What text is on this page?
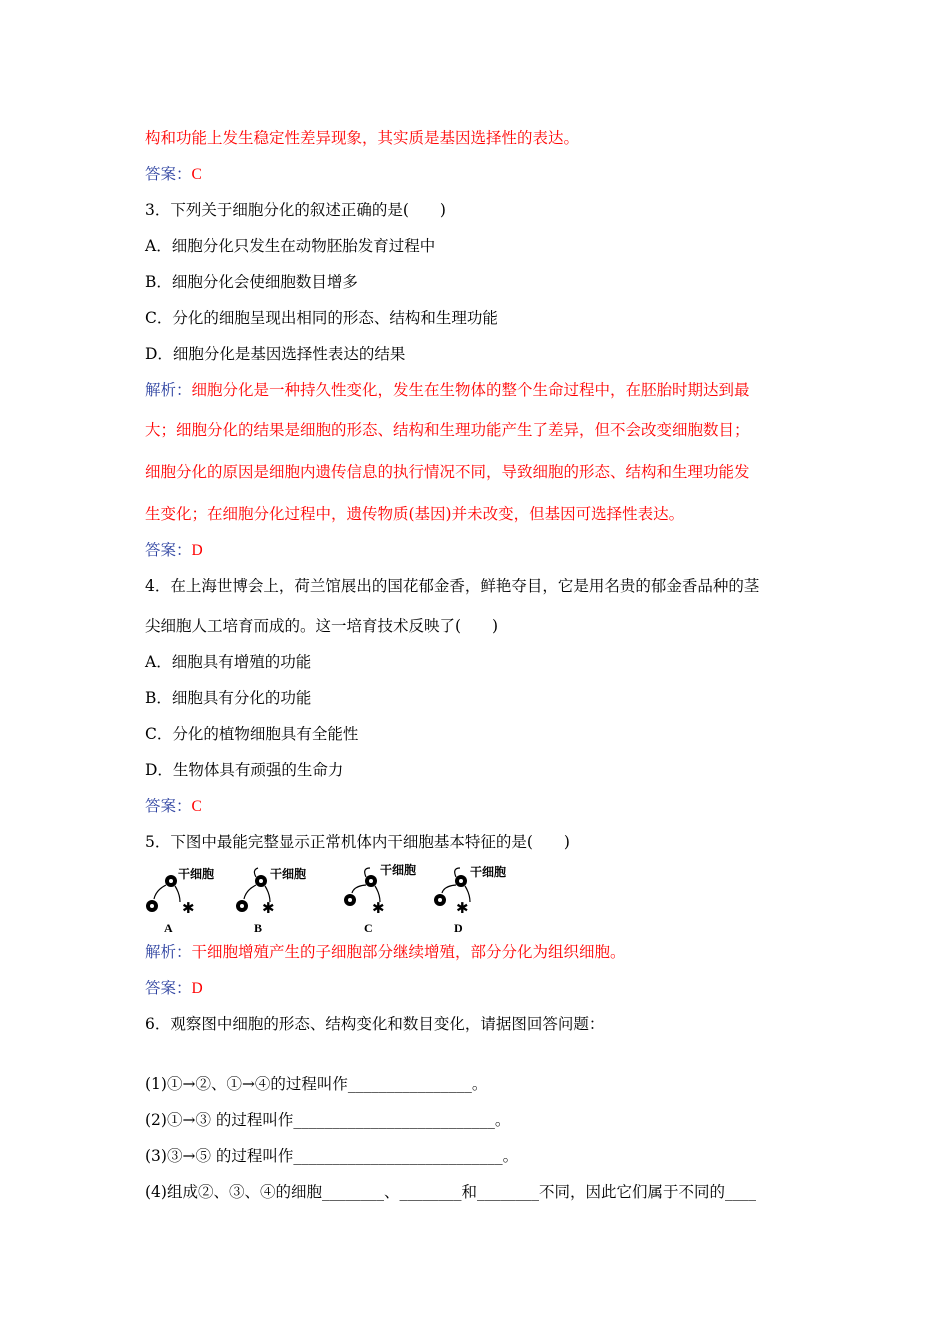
构和功能上发生稳定性差异现象，其实质是基因选择性的表达。
答案：C
3．下列关于细胞分化的叙述正确的是(　　)
A．细胞分化只发生在动物胚胎发育过程中
B．细胞分化会使细胞数目增多
C．分化的细胞呈现出相同的形态、结构和生理功能
D．细胞分化是基因选择性表达的结果
解析：细胞分化是一种持久性变化，发生在生物体的整个生命过程中，在胚胎时期达到最
大；细胞分化的结果是细胞的形态、结构和生理功能产生了差异，但不会改变细胞数目；
细胞分化的原因是细胞内遗传信息的执行情况不同，导致细胞的形态、结构和生理功能发
生变化；在细胞分化过程中，遗传物质(基因)并未改变，但基因可选择性表达。
答案：D
4．在上海世博会上，荷兰馆展出的国花郁金香，鲜艳夺目，它是用名贵的郁金香品种的茎
尖细胞人工培育而成的。这一培育技术反映了(　　)
A．细胞具有增殖的功能
B．细胞具有分化的功能
C．分化的植物细胞具有全能性
D．生物体具有顽强的生命力
答案：C
5．下图中最能完整显示正常机体内干细胞基本特征的是(　　)
✱
干细胞
A
✱
干细胞
B
✱
干细胞
C
✱
干细胞
D
解析：干细胞增殖产生的子细胞部分继续增殖，部分分化为组织细胞。
答案：D
6．观察图中细胞的形态、结构变化和数目变化，请据图回答问题：
(1)①→②、①→④的过程叫作________________。
(2)①→③ 的过程叫作__________________________。
(3)③→⑤ 的过程叫作___________________________。
(4)组成②、③、④的细胞________、________和________不同，因此它们属于不同的____
